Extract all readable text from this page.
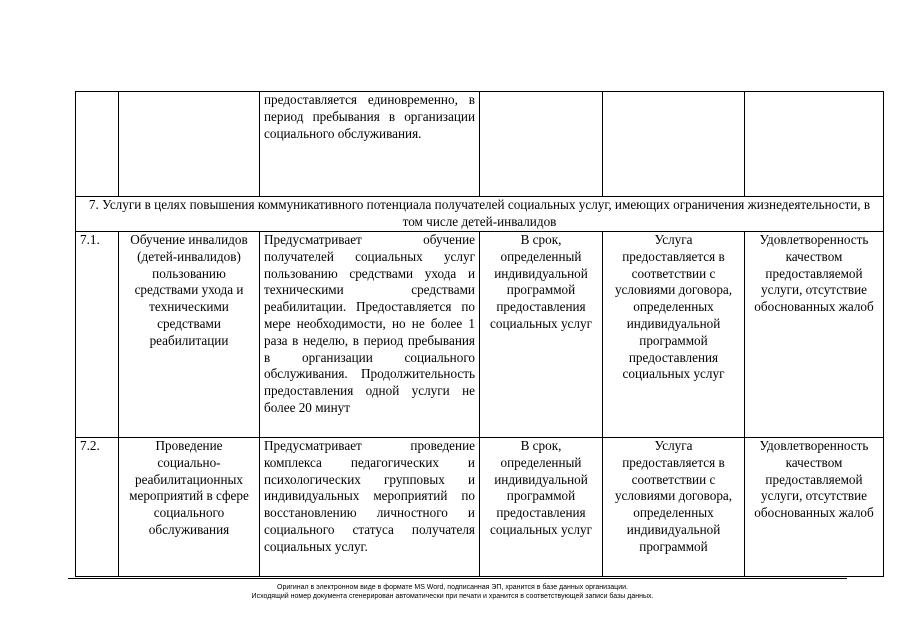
		предоставляется единовременно, в период пребывания в организации социального обслуживания.			
7. Услуги в целях повышения коммуникативного потенциала получателей социальных услуг, имеющих ограничения жизнедеятельности, в том числе детей-инвалидов					
7.1.	Обучение инвалидов (детей-инвалидов) пользованию средствами ухода и техническими средствами реабилитации	Предусматривает обучение получателей социальных услуг пользованию средствами ухода и техническими средствами реабилитации. Предоставляется по мере необходимости, но не более 1 раза в неделю, в период пребывания в организации социального обслуживания. Продолжительность предоставления одной услуги не более 20 минут	В срок, определенный индивидуальной программой предоставления социальных услуг	Услуга предоставляется в соответствии с условиями договора, определенных индивидуальной программой предоставления социальных услуг	Удовлетворенность качеством предоставляемой услуги, отсутствие обоснованных жалоб
7.2.	Проведение социально-реабилитационных мероприятий в сфере социального обслуживания	Предусматривает проведение комплекса педагогических и психологических групповых и индивидуальных мероприятий по восстановлению личностного и социального статуса получателя социальных услуг.	В срок, определенный индивидуальной программой предоставления социальных услуг	Услуга предоставляется в соответствии с условиями договора, определенных индивидуальной программой	Удовлетворенность качеством предоставляемой услуги, отсутствие обоснованных жалоб
Оригинал в электронном виде в формате MS Word, подписанная ЭП, хранится в базе данных организации.
Исходящий номер документа сгенерирован автоматически при печати и хранится в соответствующей записи базы данных.
